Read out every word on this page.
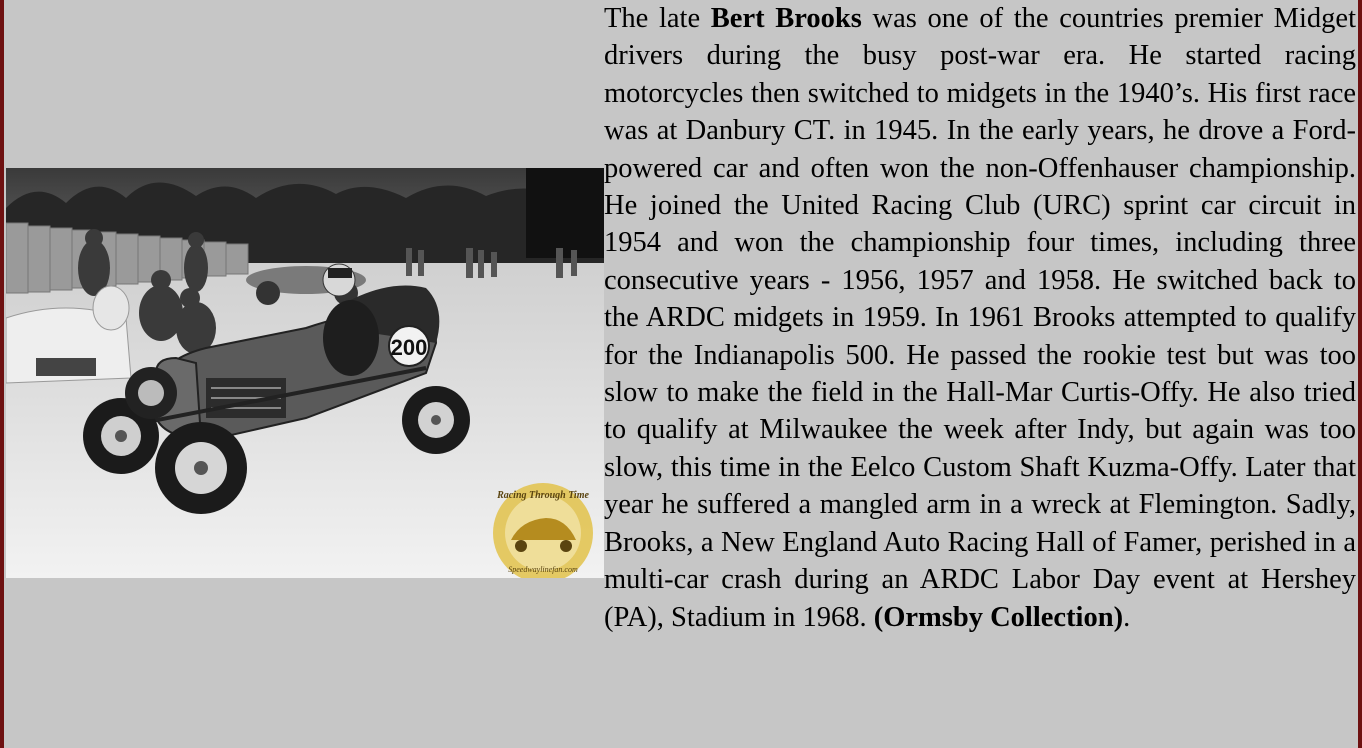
200
Racing Through Time
Speedwaylinefan.com

The late Bert Brooks was one of the countries premier Midget drivers during the busy post-war era. He started racing motorcycles then switched to midgets in the 1940’s. His first race was at Danbury CT. in 1945. In the early years, he drove a Ford-powered car and often won the non-Offenhauser championship. He joined the United Racing Club (URC) sprint car circuit in 1954 and won the championship four times, including three consecutive years - 1956, 1957 and 1958. He switched back to the ARDC midgets in 1959. In 1961 Brooks attempted to qualify for the Indianapolis 500. He passed the rookie test but was too slow to make the field in the Hall-Mar Curtis-Offy. He also tried to qualify at Milwaukee the week after Indy, but again was too slow, this time in the Eelco Custom Shaft Kuzma-Offy. Later that year he suffered a mangled arm in a wreck at Flemington. Sadly, Brooks, a New England Auto Racing Hall of Famer, perished in a multi-car crash during an ARDC Labor Day event at Hershey (PA), Stadium in 1968. (Ormsby Collection).
